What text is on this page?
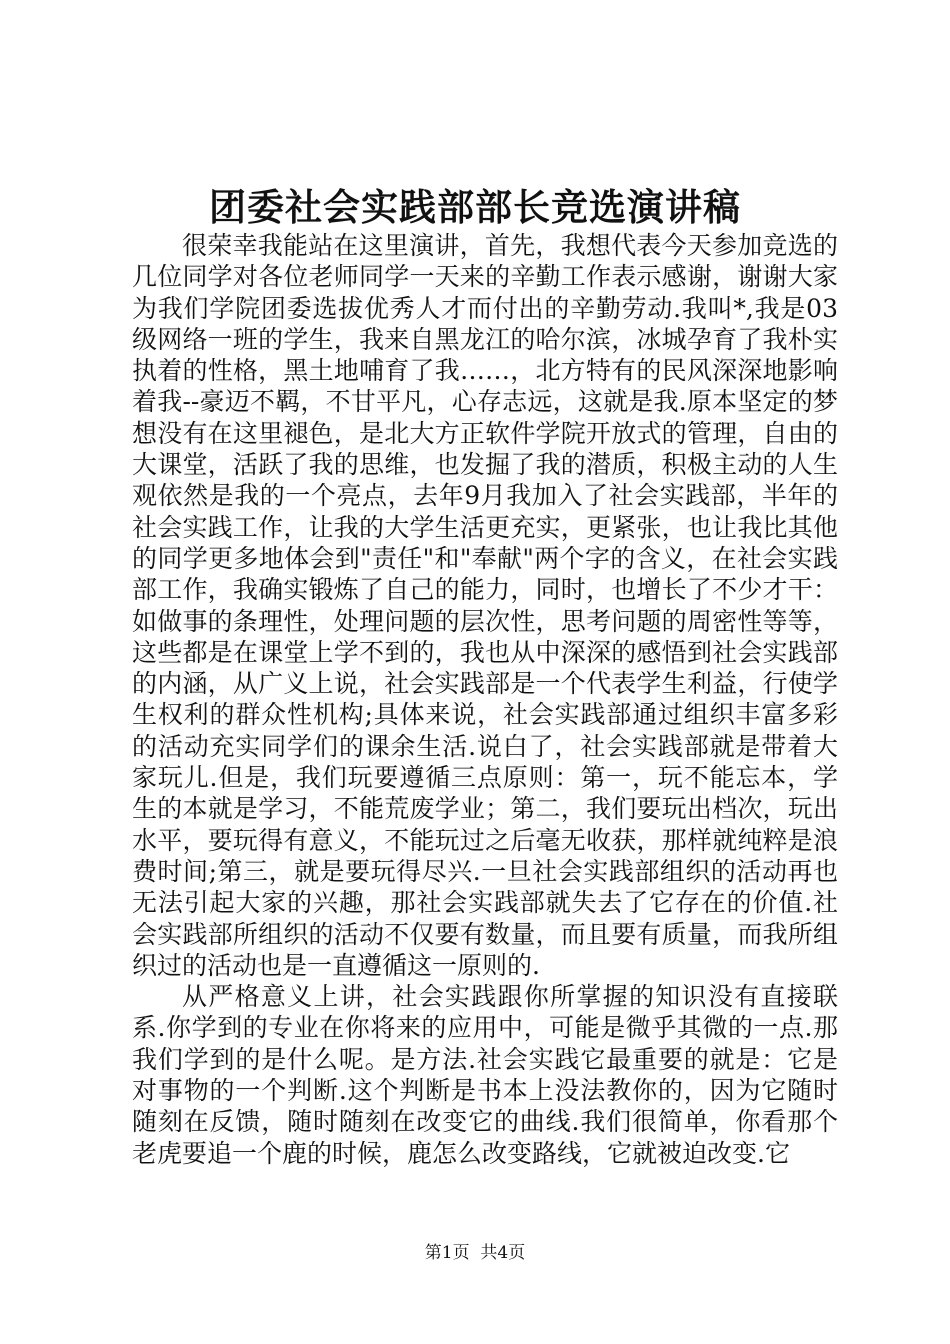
团委社会实践部部长竞选演讲稿

很荣幸我能站在这里演讲，首先，我想代表今天参加竞选的几位同学对各位老师同学一天来的辛勤工作表示感谢，谢谢大家为我们学院团委选拔优秀人才而付出的辛勤劳动.我叫*,我是03级网络一班的学生，我来自黑龙江的哈尔滨，冰城孕育了我朴实执着的性格，黑土地哺育了我……，北方特有的民风深深地影响着我--豪迈不羁，不甘平凡，心存志远，这就是我.原本坚定的梦想没有在这里褪色，是北大方正软件学院开放式的管理，自由的大课堂，活跃了我的思维，也发掘了我的潜质，积极主动的人生观依然是我的一个亮点，去年9月我加入了社会实践部，半年的社会实践工作，让我的大学生活更充实，更紧张，也让我比其他的同学更多地体会到"责任"和"奉献"两个字的含义，在社会实践部工作，我确实锻炼了自己的能力，同时，也增长了不少才干：如做事的条理性，处理问题的层次性，思考问题的周密性等等，这些都是在课堂上学不到的，我也从中深深的感悟到社会实践部的内涵，从广义上说，社会实践部是一个代表学生利益，行使学生权利的群众性机构;具体来说，社会实践部通过组织丰富多彩的活动充实同学们的课余生活.说白了，社会实践部就是带着大家玩儿.但是，我们玩要遵循三点原则：第一，玩不能忘本，学生的本就是学习，不能荒废学业；第二，我们要玩出档次，玩出水平，要玩得有意义，不能玩过之后毫无收获，那样就纯粹是浪费时间;第三，就是要玩得尽兴.一旦社会实践部组织的活动再也无法引起大家的兴趣，那社会实践部就失去了它存在的价值.社会实践部所组织的活动不仅要有数量，而且要有质量，而我所组织过的活动也是一直遵循这一原则的.

从严格意义上讲，社会实践跟你所掌握的知识没有直接联系.你学到的专业在你将来的应用中，可能是微乎其微的一点.那我们学到的是什么呢。是方法.社会实践它最重要的就是：它是对事物的一个判断.这个判断是书本上没法教你的，因为它随时随刻在反馈，随时随刻在改变它的曲线.我们很简单，你看那个老虎要追一个鹿的时候，鹿怎么改变路线，它就被迫改变.它

第1页 共4页
